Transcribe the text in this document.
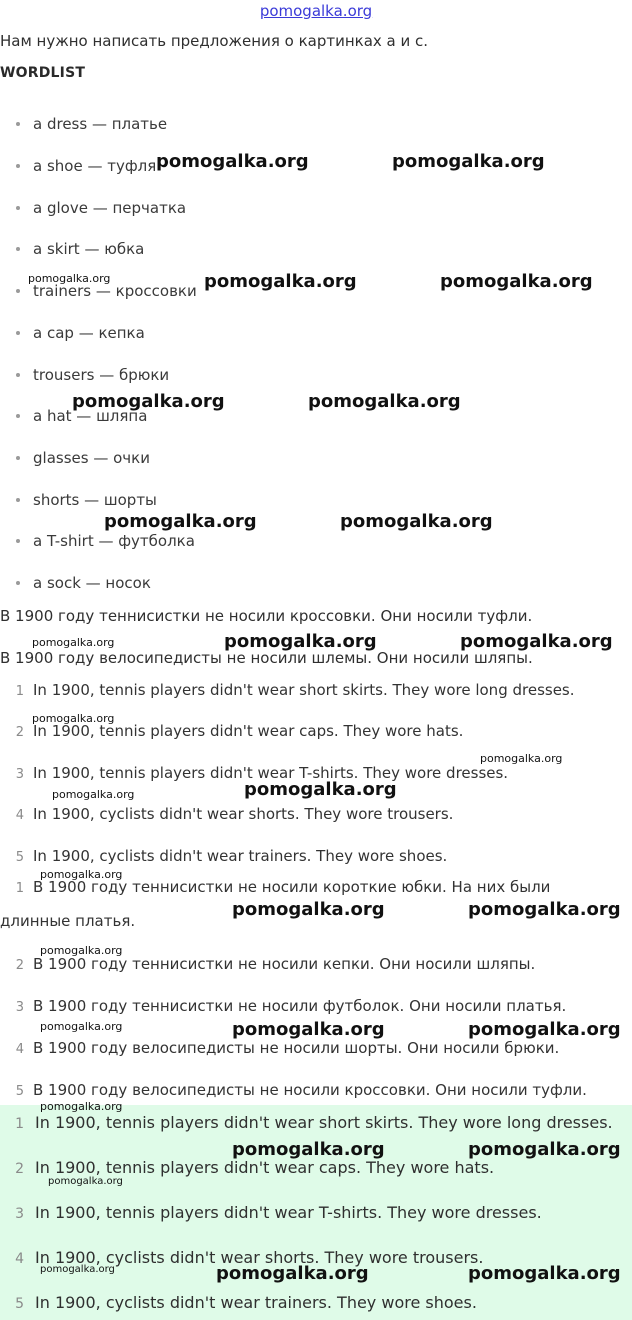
pomogalka.org
Нам нужно написать предложения о картинках а и с.
WORDLIST
a dress — платье
a shoe — туфля
a glove — перчатка
a skirt — юбка
trainers — кроссовки
a cap — кепка
trousers — брюки
a hat — шляпа
glasses — очки
shorts — шорты
a T-shirt — футболка
a sock — носок
В 1900 году теннисистки не носили кроссовки. Они носили туфли.
В 1900 году велосипедисты не носили шлемы. Они носили шляпы.
1 In 1900, tennis players didn't wear short skirts. They wore long dresses.
2 In 1900, tennis players didn't wear caps. They wore hats.
3 In 1900, tennis players didn't wear T-shirts. They wore dresses.
4 In 1900, cyclists didn't wear shorts. They wore trousers.
5 In 1900, cyclists didn't wear trainers. They wore shoes.
1 В 1900 году теннисистки не носили короткие юбки. На них были длинные платья.
2 В 1900 году теннисистки не носили кепки. Они носили шляпы.
3 В 1900 году теннисистки не носили футболок. Они носили платья.
4 В 1900 году велосипедисты не носили шорты. Они носили брюки.
5 В 1900 году велосипедисты не носили кроссовки. Они носили туфли.
1 In 1900, tennis players didn't wear short skirts. They wore long dresses.
2 In 1900, tennis players didn't wear caps. They wore hats.
3 In 1900, tennis players didn't wear T-shirts. They wore dresses.
4 In 1900, cyclists didn't wear shorts. They wore trousers.
5 In 1900, cyclists didn't wear trainers. They wore shoes.
pomogalka.org	pomogalka.org
pomogalka.org	pomogalka.org	pomogalka.org
pomogalka.org	pomogalka.org
pomogalka.org	pomogalka.org
pomogalka.org	pomogalka.org	pomogalka.org
pomogalka.org
pomogalka.org
pomogalka.org	pomogalka.org
pomogalka.org
pomogalka.org	pomogalka.org
pomogalka.org
pomogalka.org	pomogalka.org	pomogalka.org
pomogalka.org
pomogalka.org	pomogalka.org
pomogalka.org
pomogalka.org	pomogalka.org	pomogalka.org
